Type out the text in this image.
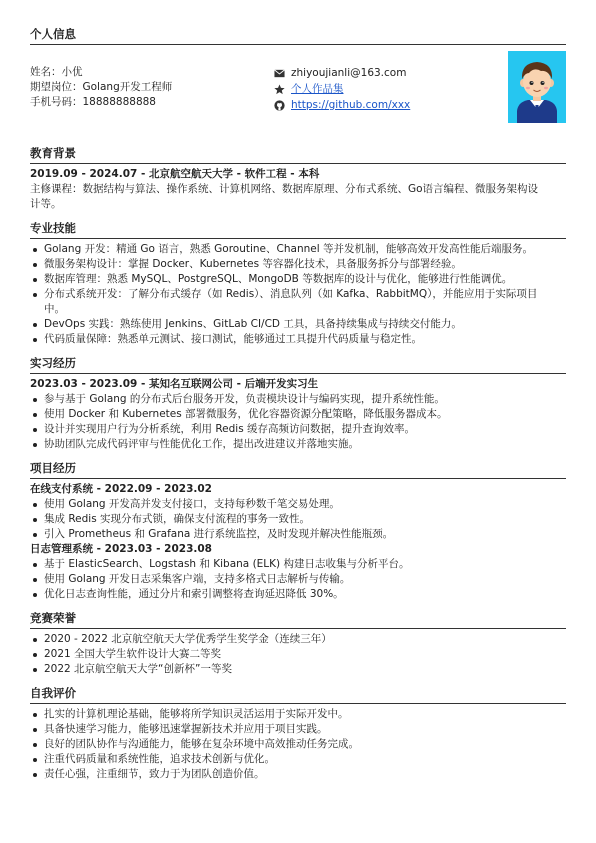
个人信息

姓名：小优

期望岗位：Golang开发工程师

手机号码：18888888888

zhiyoujianli@163.com
个人作品集
https://github.com/xxx
教育背景

2019.09 - 2024.07 - 北京航空航天大学 - 软件工程 - 本科

主修课程：数据结构与算法、操作系统、计算机网络、数据库原理、分布式系统、Go语言编程、微服务架构设计等。

专业技能
Golang 开发：精通 Go 语言，熟悉 Goroutine、Channel 等并发机制，能够高效开发高性能后端服务。
微服务架构设计：掌握 Docker、Kubernetes 等容器化技术，具备服务拆分与部署经验。
数据库管理：熟悉 MySQL、PostgreSQL、MongoDB 等数据库的设计与优化，能够进行性能调优。
分布式系统开发：了解分布式缓存（如 Redis）、消息队列（如 Kafka、RabbitMQ），并能应用于实际项目中。
DevOps 实践：熟练使用 Jenkins、GitLab CI/CD 工具，具备持续集成与持续交付能力。
代码质量保障：熟悉单元测试、接口测试，能够通过工具提升代码质量与稳定性。
实习经历

2023.03 - 2023.09 - 某知名互联网公司 - 后端开发实习生

参与基于 Golang 的分布式后台服务开发，负责模块设计与编码实现，提升系统性能。
使用 Docker 和 Kubernetes 部署微服务，优化容器资源分配策略，降低服务器成本。
设计并实现用户行为分析系统，利用 Redis 缓存高频访问数据，提升查询效率。
协助团队完成代码评审与性能优化工作，提出改进建议并落地实施。
项目经历

在线支付系统 - 2022.09 - 2023.02

使用 Golang 开发高并发支付接口，支持每秒数千笔交易处理。
集成 Redis 实现分布式锁，确保支付流程的事务一致性。
引入 Prometheus 和 Grafana 进行系统监控，及时发现并解决性能瓶颈。

日志管理系统 - 2023.03 - 2023.08

基于 ElasticSearch、Logstash 和 Kibana (ELK) 构建日志收集与分析平台。
使用 Golang 开发日志采集客户端，支持多格式日志解析与传输。
优化日志查询性能，通过分片和索引调整将查询延迟降低 30%。
竞赛荣誉
2020 - 2022 北京航空航天大学优秀学生奖学金（连续三年）
2021 全国大学生软件设计大赛二等奖
2022 北京航空航天大学“创新杯”一等奖
自我评价
扎实的计算机理论基础，能够将所学知识灵活运用于实际开发中。
具备快速学习能力，能够迅速掌握新技术并应用于项目实践。
良好的团队协作与沟通能力，能够在复杂环境中高效推动任务完成。
注重代码质量和系统性能，追求技术创新与优化。
责任心强，注重细节，致力于为团队创造价值。
